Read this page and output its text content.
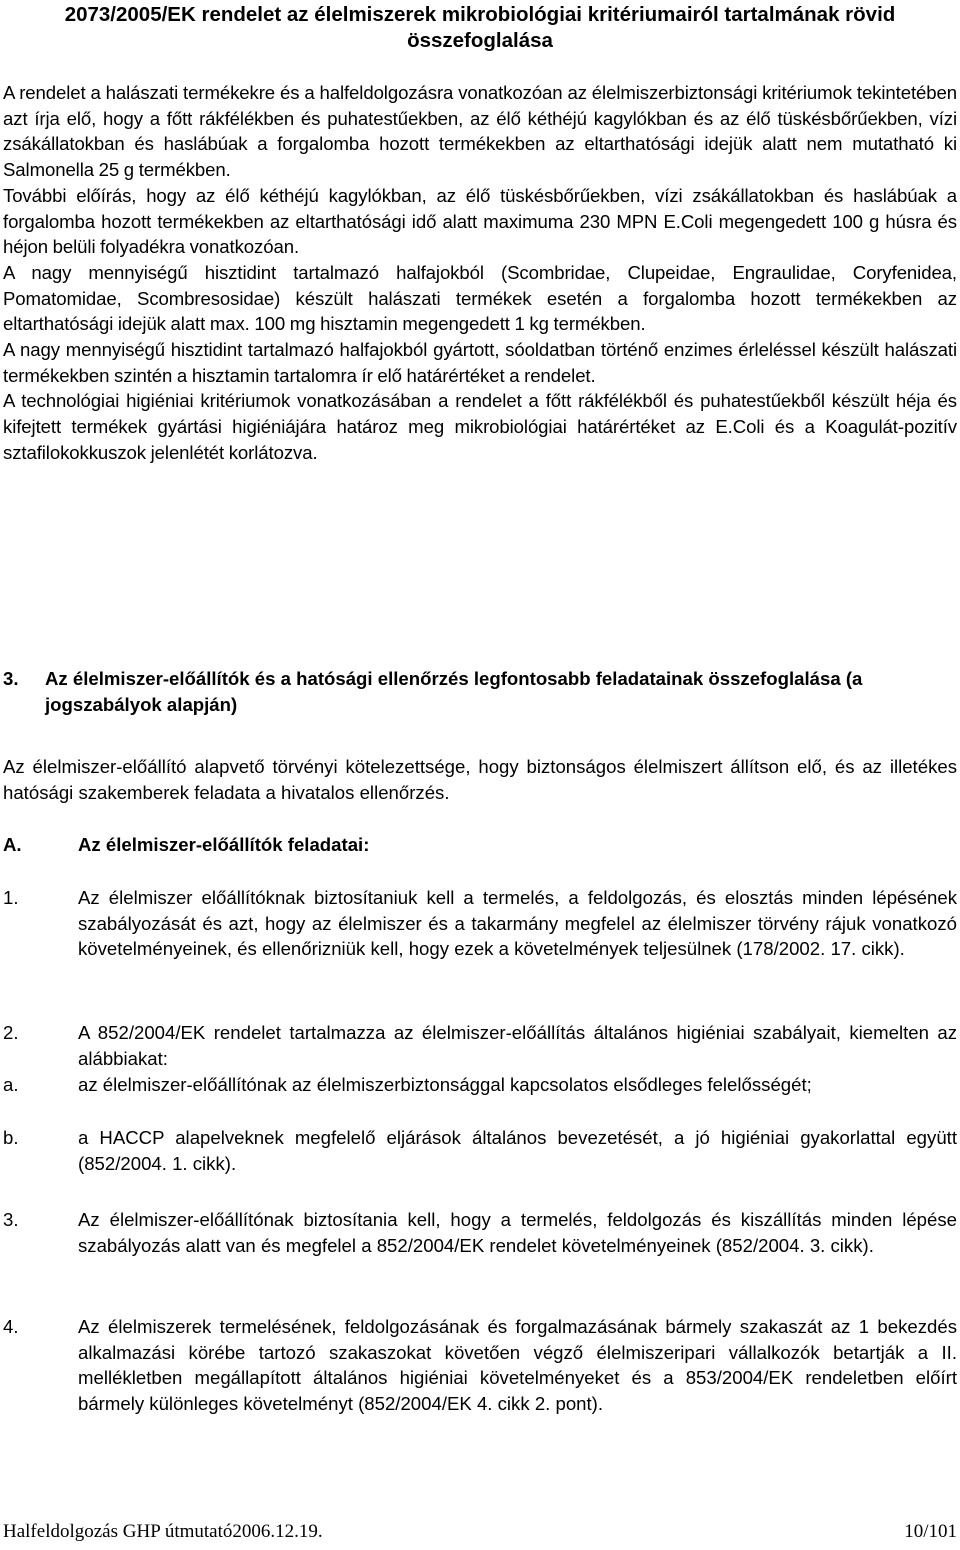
2073/2005/EK rendelet az élelmiszerek mikrobiológiai kritériumairól tartalmának rövid
összefoglalása

A rendelet a halászati termékekre és a halfeldolgozásra vonatkozóan az élelmiszerbiztonsági kritériumok tekintetében azt írja elő, hogy a főtt rákfélékben és puhatestűekben, az élő kéthéjú kagylókban és az élő tüskésbőrűekben, vízi zsákállatokban és haslábúak a forgalomba hozott termékekben az eltarthatósági idejük alatt nem mutatható ki Salmonella 25 g termékben.

További előírás, hogy az élő kéthéjú kagylókban, az élő tüskésbőrűekben, vízi zsákállatokban és haslábúak a forgalomba hozott termékekben az eltarthatósági idő alatt maximuma 230 MPN E.Coli megengedett 100 g húsra és héjon belüli folyadékra vonatkozóan.

A nagy mennyiségű hisztidint tartalmazó halfajokból (Scombridae, Clupeidae, Engraulidae, Coryfenidea, Pomatomidae, Scombresosidae) készült halászati termékek esetén a forgalomba hozott termékekben az eltarthatósági idejük alatt max. 100 mg hisztamin megengedett 1 kg termékben.

A nagy mennyiségű hisztidint tartalmazó halfajokból gyártott, sóoldatban történő enzimes érleléssel készült halászati termékekben szintén a hisztamin tartalomra ír elő határértéket a rendelet.

A technológiai higiéniai kritériumok vonatkozásában a rendelet a főtt rákfélékből és puhatestűekből készült héja és kifejtett termékek gyártási higiéniájára határoz meg mikrobiológiai határértéket az E.Coli és a Koagulát-pozitív sztafilokokkuszok jelenlétét korlátozva.

3.	Az élelmiszer-előállítók és a hatósági ellenőrzés legfontosabb feladatainak összefoglalása (a jogszabályok alapján)

Az élelmiszer-előállító alapvető törvényi kötelezettsége, hogy biztonságos élelmiszert állítson elő, és az illetékes hatósági szakemberek feladata a hivatalos ellenőrzés.

A.	Az élelmiszer-előállítók feladatai:
1.	Az élelmiszer előállítóknak biztosítaniuk kell a termelés, a feldolgozás, és elosztás minden lépésének szabályozását és azt, hogy az élelmiszer és a takarmány megfelel az élelmiszer törvény rájuk vonatkozó követelményeinek, és ellenőrizniük kell, hogy ezek a követelmények teljesülnek (178/2002. 17. cikk).
2.	A 852/2004/EK rendelet tartalmazza az élelmiszer-előállítás általános higiéniai szabályait, kiemelten az alábbiakat:
a.	az élelmiszer-előállítónak az élelmiszerbiztonsággal kapcsolatos elsődleges felelősségét;
b.	a HACCP alapelveknek megfelelő eljárások általános bevezetését, a jó higiéniai gyakorlattal együtt (852/2004. 1. cikk).
3.	Az élelmiszer-előállítónak biztosítania kell, hogy a termelés, feldolgozás és kiszállítás minden lépése szabályozás alatt van és megfelel a 852/2004/EK rendelet követelményeinek (852/2004. 3. cikk).
4.	Az élelmiszerek termelésének, feldolgozásának és forgalmazásának bármely szakaszát az 1 bekezdés alkalmazási körébe tartozó szakaszokat követően végző élelmiszeripari vállalkozók betartják a II. mellékletben megállapított általános higiéniai követelményeket és a 853/2004/EK rendeletben előírt bármely különleges követelményt (852/2004/EK 4. cikk 2. pont).
Halfeldolgozás GHP útmutató2006.12.19.	10/101
